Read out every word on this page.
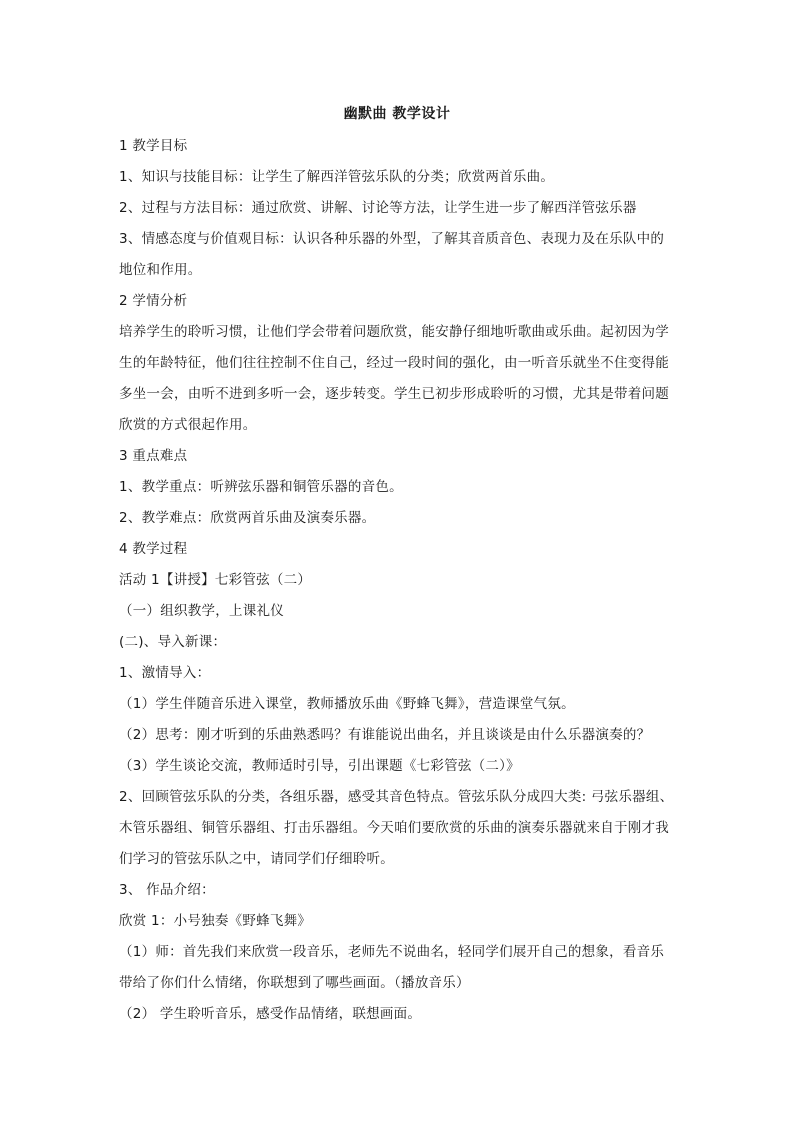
幽默曲 教学设计
1 教学目标
1、知识与技能目标：让学生了解西洋管弦乐队的分类；欣赏两首乐曲。
2、过程与方法目标：通过欣赏、讲解、讨论等方法，让学生进一步了解西洋管弦乐器
3、情感态度与价值观目标：认识各种乐器的外型，了解其音质音色、表现力及在乐队中的
地位和作用。
2 学情分析
培养学生的聆听习惯，让他们学会带着问题欣赏，能安静仔细地听歌曲或乐曲。起初因为学
生的年龄特征，他们往往控制不住自己，经过一段时间的强化，由一听音乐就坐不住变得能
多坐一会，由听不进到多听一会，逐步转变。学生已初步形成聆听的习惯，尤其是带着问题
欣赏的方式很起作用。
3 重点难点
1、教学重点：听辨弦乐器和铜管乐器的音色。
2、教学难点：欣赏两首乐曲及演奏乐器。
4 教学过程
活动 1【讲授】七彩管弦（二）
（一）组织教学，上课礼仪
(二)、导入新课：
1、激情导入：
（1）学生伴随音乐进入课堂，教师播放乐曲《野蜂飞舞》，营造课堂气氛。
（2）思考：刚才听到的乐曲熟悉吗？有谁能说出曲名，并且谈谈是由什么乐器演奏的？
（3）学生谈论交流，教师适时引导，引出课题《七彩管弦（二）》
2、回顾管弦乐队的分类，各组乐器，感受其音色特点。管弦乐队分成四大类: 弓弦乐器组、
木管乐器组、铜管乐器组、打击乐器组。今天咱们要欣赏的乐曲的演奏乐器就来自于刚才我
们学习的管弦乐队之中，请同学们仔细聆听。
3、 作品介绍：
欣赏 1：小号独奏《野蜂飞舞》
（1）师：首先我们来欣赏一段音乐，老师先不说曲名，轻同学们展开自己的想象，看音乐
带给了你们什么情绪，你联想到了哪些画面。（播放音乐）
（2） 学生聆听音乐，感受作品情绪，联想画面。
